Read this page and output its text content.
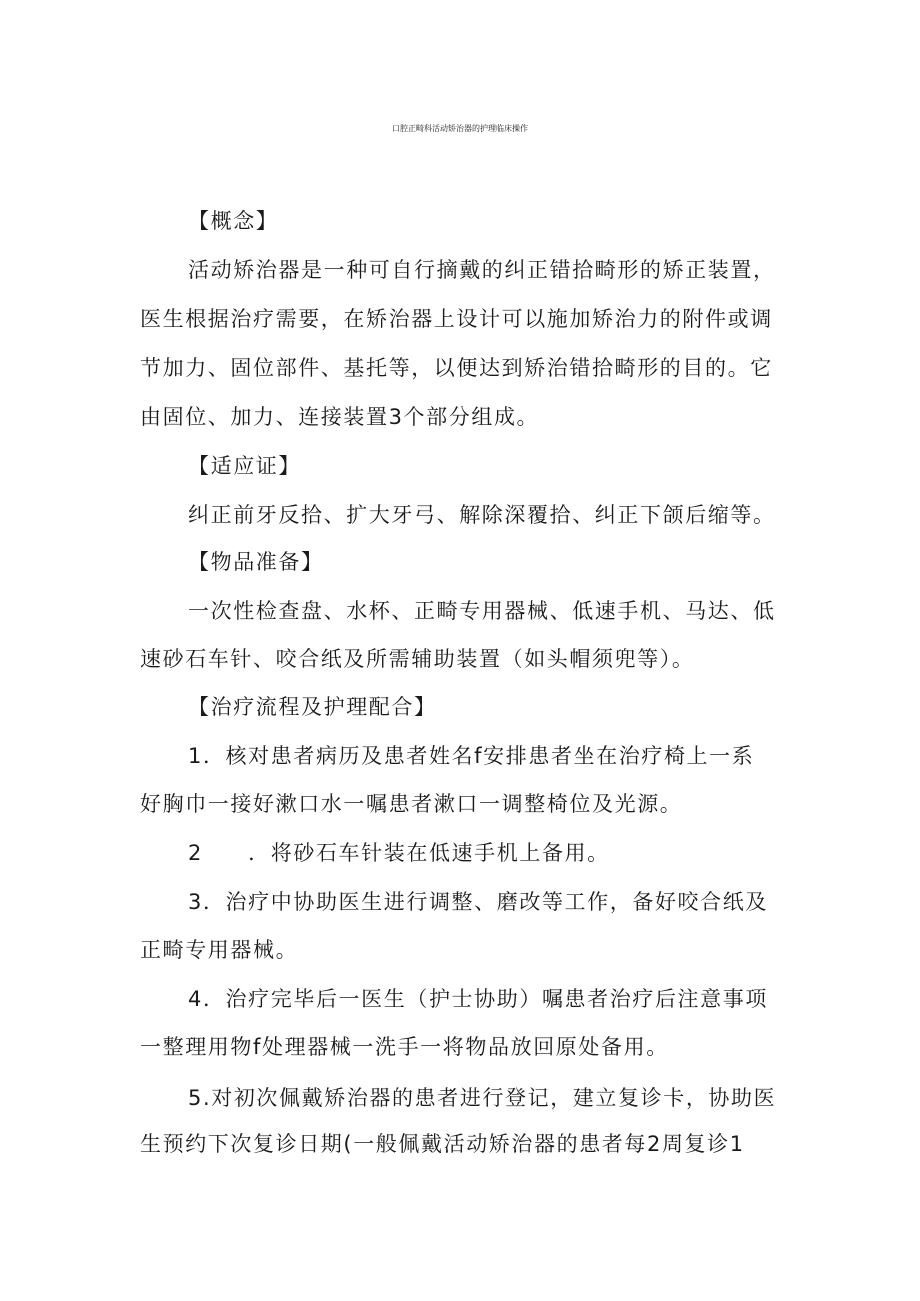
口腔正畸科活动矫治器的护理临床操作
【概念】
活动矫治器是一种可自行摘戴的纠正错拾畸形的矫正装置，
医生根据治疗需要，在矫治器上设计可以施加矫治力的附件或调
节加力、固位部件、基托等，以便达到矫治错拾畸形的目的。它
由固位、加力、连接装置3个部分组成。
【适应证】
纠正前牙反拾、扩大牙弓、解除深覆拾、纠正下颌后缩等。
【物品准备】
一次性检查盘、水杯、正畸专用器械、低速手机、马达、低
速砂石车针、咬合纸及所需辅助装置（如头帽须兜等）。
【治疗流程及护理配合】
1．核对患者病历及患者姓名f安排患者坐在治疗椅上一系
好胸巾一接好漱口水一嘱患者漱口一调整椅位及光源。
2　　．将砂石车针装在低速手机上备用。
3．治疗中协助医生进行调整、磨改等工作，备好咬合纸及
正畸专用器械。
4．治疗完毕后一医生（护士协助）嘱患者治疗后注意事项
一整理用物f处理器械一洗手一将物品放回原处备用。
5.对初次佩戴矫治器的患者进行登记，建立复诊卡，协助医
生预约下次复诊日期(一般佩戴活动矫治器的患者每2周复诊1
